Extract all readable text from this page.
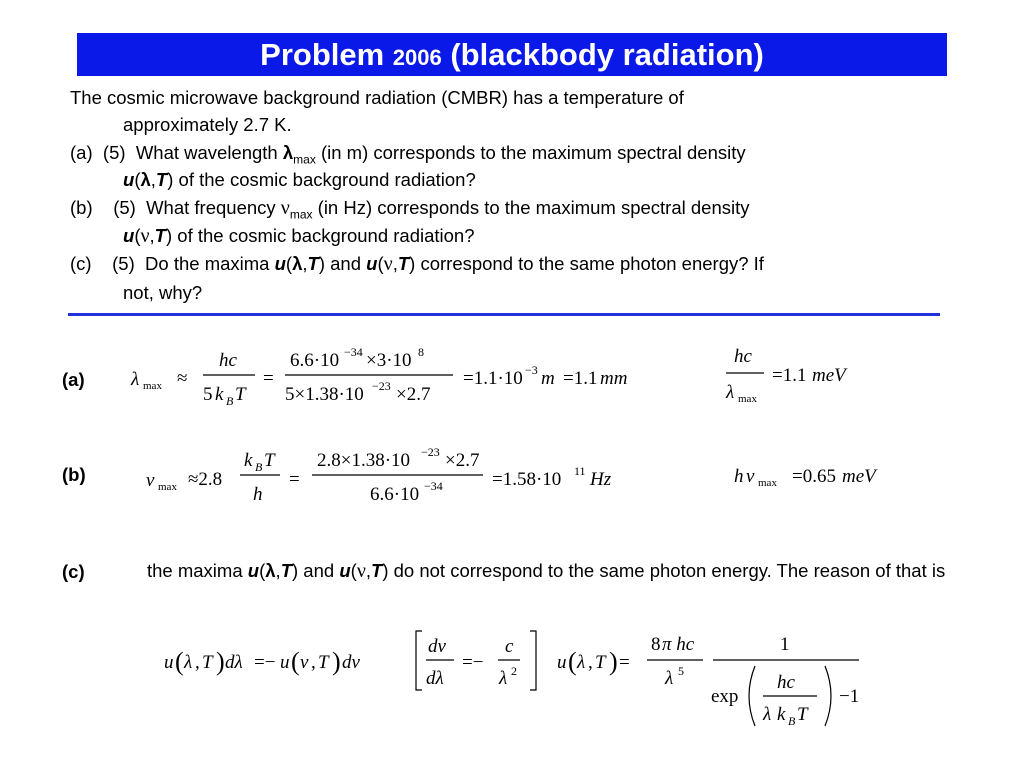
Problem 2006 (blackbody radiation)

The cosmic microwave background radiation (CMBR) has a temperature of
approximately 2.7 K.

(a) (5) What wavelength $\lambda_{max}$ (in m) corresponds to the maximum spectral density
u(λ,T) of the cosmic background radiation?

(b) (5) What frequency $\nu_{max}$ (in Hz) corresponds to the maximum spectral density
u(ν,T) of the cosmic background radiation?

(c) (5) Do the maxima u(λ,T) and u(ν,T) correspond to the same photon energy? If
not, why?

(a)
(b)
(c)
λ max ≈
hc
5 k B T
=
6.6·10 −34 ×3·10 8
5×1.38·10 −23 ×2.7
=1.1·10 −3 m =1.1 mm
hc
λ max
=1.1 meV
ν max ≈2.8
k B T
h
=
2.8×1.38·10 −23 ×2.7
6.6·10 −34	=1.58·10 11 Hz	h ν max =0.65 meV
the maxima u(λ,T) and u(ν,T) do not correspond to the same photon energy. The reason of that is
u ( λ , T ) dλ =− u ( ν , T ) dν
dν
dλ
=−
c
λ 2 u ( λ , T ) =
8 π hc
λ 5
1
exp
hc
λ k B T
−1
